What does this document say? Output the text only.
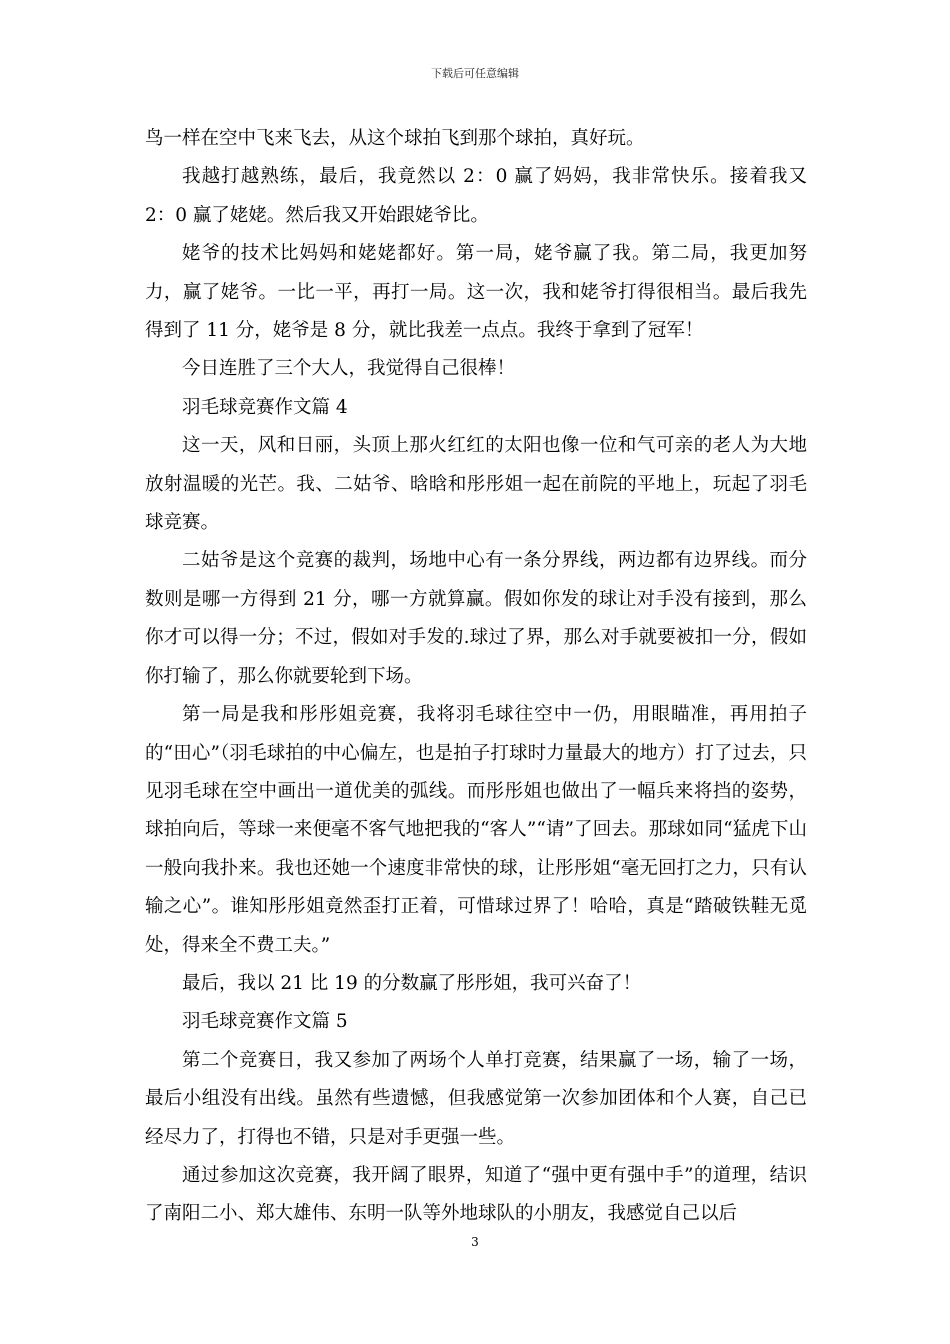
下载后可任意编辑

鸟一样在空中飞来飞去，从这个球拍飞到那个球拍，真好玩。

我越打越熟练，最后，我竟然以 2：0 赢了妈妈，我非常快乐。接着我又 2：0 赢了姥姥。然后我又开始跟姥爷比。

姥爷的技术比妈妈和姥姥都好。第一局，姥爷赢了我。第二局，我更加努力，赢了姥爷。一比一平，再打一局。这一次，我和姥爷打得很相当。最后我先得到了 11 分，姥爷是 8 分，就比我差一点点。我终于拿到了冠军！

今日连胜了三个大人，我觉得自己很棒！

羽毛球竞赛作文篇 4

这一天，风和日丽，头顶上那火红红的太阳也像一位和气可亲的老人为大地放射温暖的光芒。我、二姑爷、晗晗和彤彤姐一起在前院的平地上，玩起了羽毛球竞赛。

二姑爷是这个竞赛的裁判，场地中心有一条分界线，两边都有边界线。而分数则是哪一方得到 21 分，哪一方就算赢。假如你发的球让对手没有接到，那么你才可以得一分；不过，假如对手发的.球过了界，那么对手就要被扣一分，假如你打输了，那么你就要轮到下场。

第一局是我和彤彤姐竞赛，我将羽毛球往空中一仍，用眼瞄准，再用拍子的“田心”（羽毛球拍的中心偏左，也是拍子打球时力量最大的地方）打了过去，只见羽毛球在空中画出一道优美的弧线。而彤彤姐也做出了一幅兵来将挡的姿势，球拍向后，等球一来便毫不客气地把我的“客人”“请”了回去。那球如同“猛虎下山一般向我扑来。我也还她一个速度非常快的球，让彤彤姐“毫无回打之力，只有认输之心”。谁知彤彤姐竟然歪打正着，可惜球过界了！哈哈，真是“踏破铁鞋无觅处，得来全不费工夫。”

最后，我以 21 比 19 的分数赢了彤彤姐，我可兴奋了！

羽毛球竞赛作文篇 5

第二个竞赛日，我又参加了两场个人单打竞赛，结果赢了一场，输了一场，最后小组没有出线。虽然有些遗憾，但我感觉第一次参加团体和个人赛，自己已经尽力了，打得也不错，只是对手更强一些。

通过参加这次竞赛，我开阔了眼界，知道了“强中更有强中手”的道理，结识了南阳二小、郑大雄伟、东明一队等外地球队的小朋友，我感觉自己以后

3
